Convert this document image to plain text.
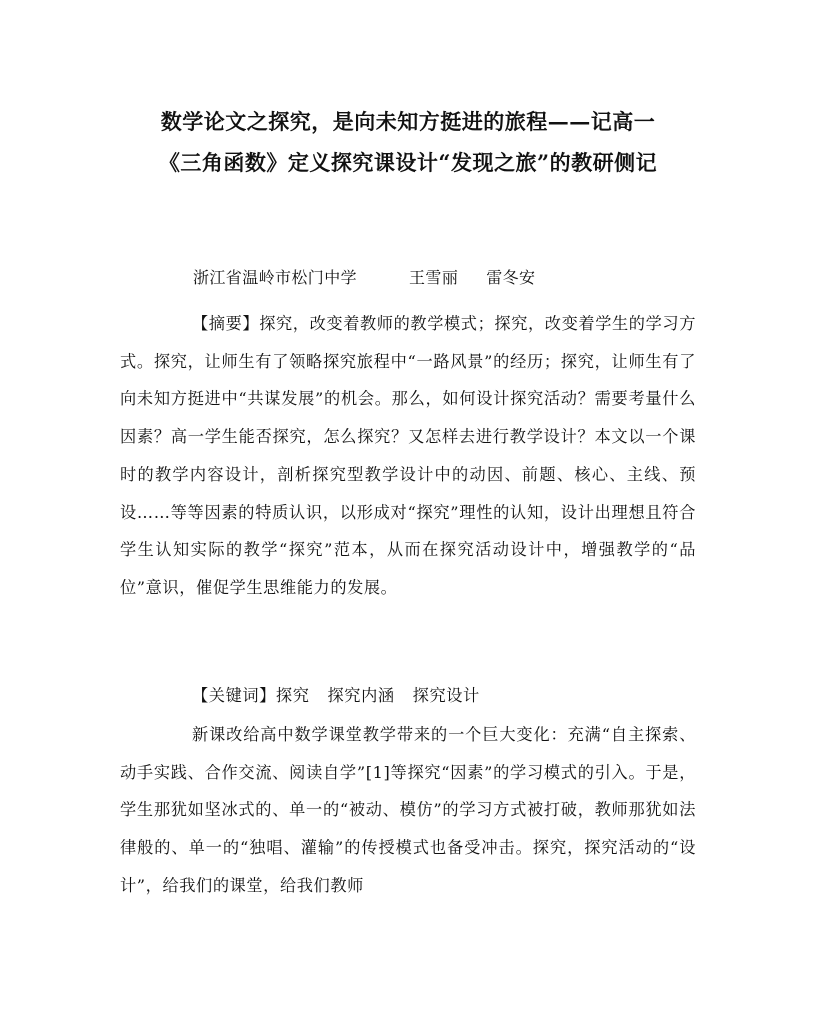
数学论文之探究，是向未知方挺进的旅程——记高一
《三角函数》定义探究课设计“发现之旅”的教研侧记
浙江省温岭市松门中学	王雪丽 雷冬安

【摘要】探究，改变着教师的教学模式；探究，改变着学生的学习方式。探究，让师生有了领略探究旅程中“一路风景”的经历；探究，让师生有了向未知方挺进中“共谋发展”的机会。那么，如何设计探究活动？需要考量什么因素？高一学生能否探究，怎么探究？又怎样去进行教学设计？本文以一个课时的教学内容设计，剖析探究型教学设计中的动因、前题、核心、主线、预设……等等因素的特质认识，以形成对“探究”理性的认知，设计出理想且符合学生认知实际的教学“探究”范本，从而在探究活动设计中，增强教学的“品位”意识，催促学生思维能力的发展。

【关键词】探究 探究内涵 探究设计

新课改给高中数学课堂教学带来的一个巨大变化：充满“自主探索、动手实践、合作交流、阅读自学”[1]等探究“因素”的学习模式的引入。于是，学生那犹如坚冰式的、单一的“被动、模仿”的学习方式被打破，教师那犹如法律般的、单一的“独唱、灌输”的传授模式也备受冲击。探究，探究活动的“设计”，给我们的课堂，给我们教师
